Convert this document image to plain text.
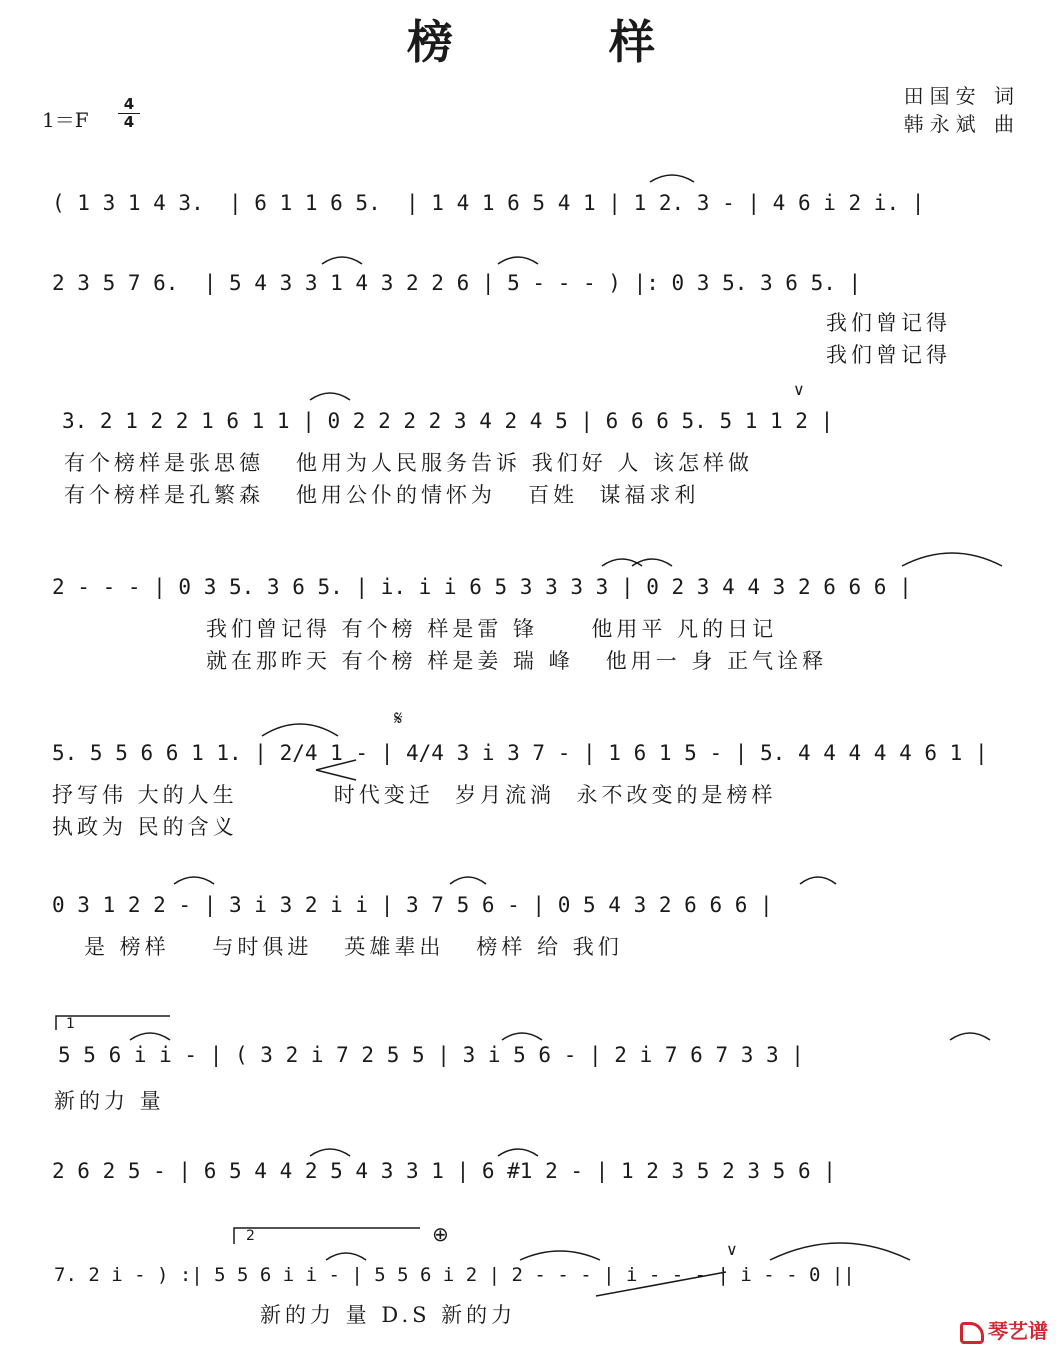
榜 样
1＝F
4
4
田国安 词
韩永斌 曲
( 1 3 1 4 3.  | 6 1 1 6 5.  | 1 4 1 6 5 4 1 | 1 2. 3 - | 4 6 i 2 i. |
2 3 5 7 6.  | 5 4 3 3 1 4 3 2 2 6 | 5 - - - ) |: 0 3 5. 3 6 5. |
我们曾记得
我们曾记得
3. 2 1 2 2 1 6 1 1 | 0 2 2 2 2 3 4 2 4 5 | 6 6 6 5. 5 1 1 2 |
有个榜样是张思德   他用为人民服务告诉 我们好 人 该怎样做
有个榜样是孔繁森   他用公仆的情怀为   百姓  谋福求利
2 - - - | 0 3 5. 3 6 5. | i. i i 6 5 3 3 3 3 | 0 2 3 4 4 3 2 6 6 6 |
我们曾记得 有个榜 样是雷 锋     他用平 凡的日记
就在那昨天 有个榜 样是姜 瑞 峰   他用一 身 正气诠释
5. 5 5 6 6 1 1. | 2/4 1 - | 4/4 3 i 3 7 - | 1 6 1 5 - | 5. 4 4 4 4 4 6 1 |
抒写伟 大的人生         时代变迁  岁月流淌  永不改变的是榜样
执政为 民的含义
0 3 1 2 2 - | 3 i 3 2 i i | 3 7 5 6 - | 0 5 4 3 2 6 6 6 |
是 榜样    与时俱进   英雄辈出   榜样 给 我们
1
5 5 6 i i - | ( 3 2 i 7 2 5 5 | 3 i 5 6 - | 2 i 7 6 7 3 3 |
新的力 量
2 6 2 5 - | 6 5 4 4 2 5 4 3 3 1 | 6 #1 2 - | 1 2 3 5 2 3 5 6 |
2
7. 2 i - ) :| 5 5 6 i i - | 5 5 6 i 2 | 2 - - - | i - - - | i - - 0 ||
新的力 量 D.S 新的力
𝄋
⊕
∨
∨
琴艺谱
